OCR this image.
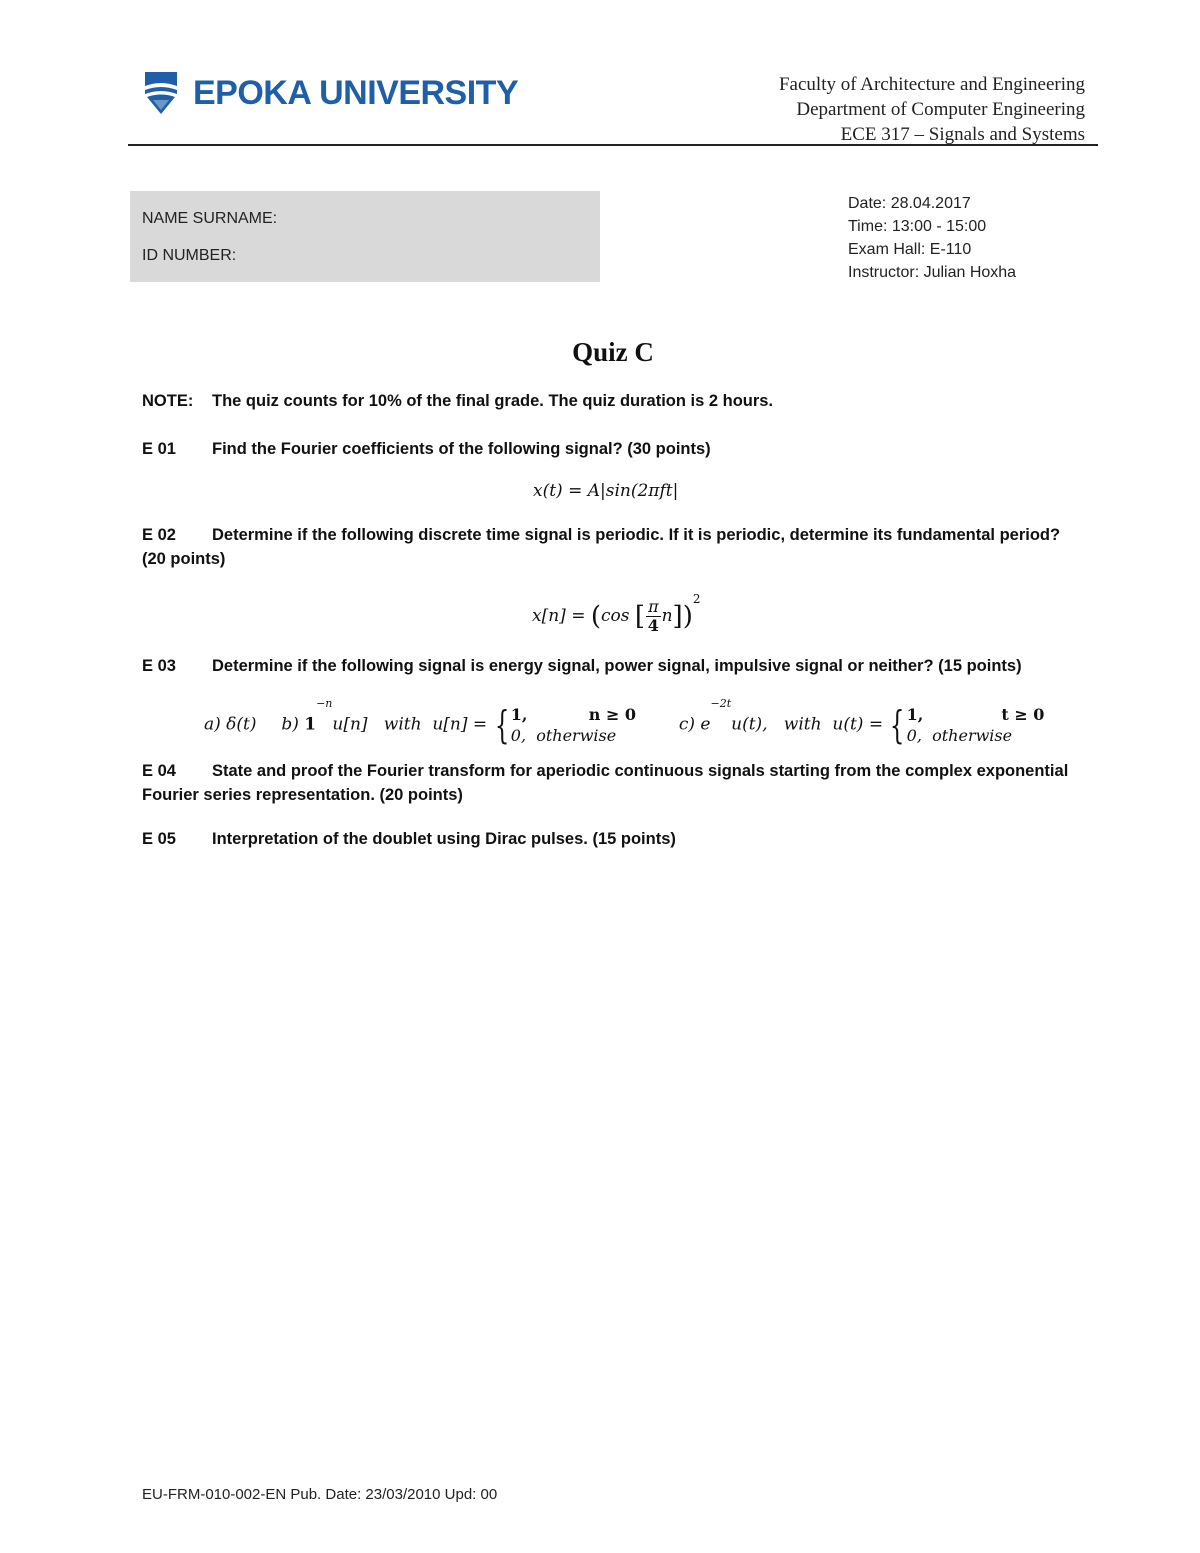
EPOKA UNIVERSITY	Faculty of Architecture and Engineering
Department of Computer Engineering
ECE 317 – Signals and Systems
NAME SURNAME:
ID NUMBER:
Date: 28.04.2017
Time: 13:00 - 15:00
Exam Hall: E-110
Instructor: Julian Hoxha
Quiz C
NOTE: The quiz counts for 10% of the final grade. The quiz duration is 2 hours.
E 01 Find the Fourier coefficients of the following signal? (30 points)
x(t) = A|sin(2πft|
E 02 Determine if the following discrete time signal is periodic. If it is periodic, determine its fundamental period?
(20 points)
x[n] = (cos [ $\frac{\pi}{4} n])^2$
E 03 Determine if the following signal is energy signal, power signal, impulsive signal or neither? (15 points)
a) δ(t) b) $1^{-n}u[n]$   with  u[n] = { 1,           n ≥ 0
0,  otherwise
c) $e^{-2t}u(t)$,   with  u(t) = { 1,              t ≥ 0
0,  otherwise
E 04 State and proof the Fourier transform for aperiodic continuous signals starting from the complex exponential
Fourier series representation. (20 points)
E 05 Interpretation of the doublet using Dirac pulses. (15 points)
EU-FRM-010-002-EN Pub. Date: 23/03/2010 Upd: 00
